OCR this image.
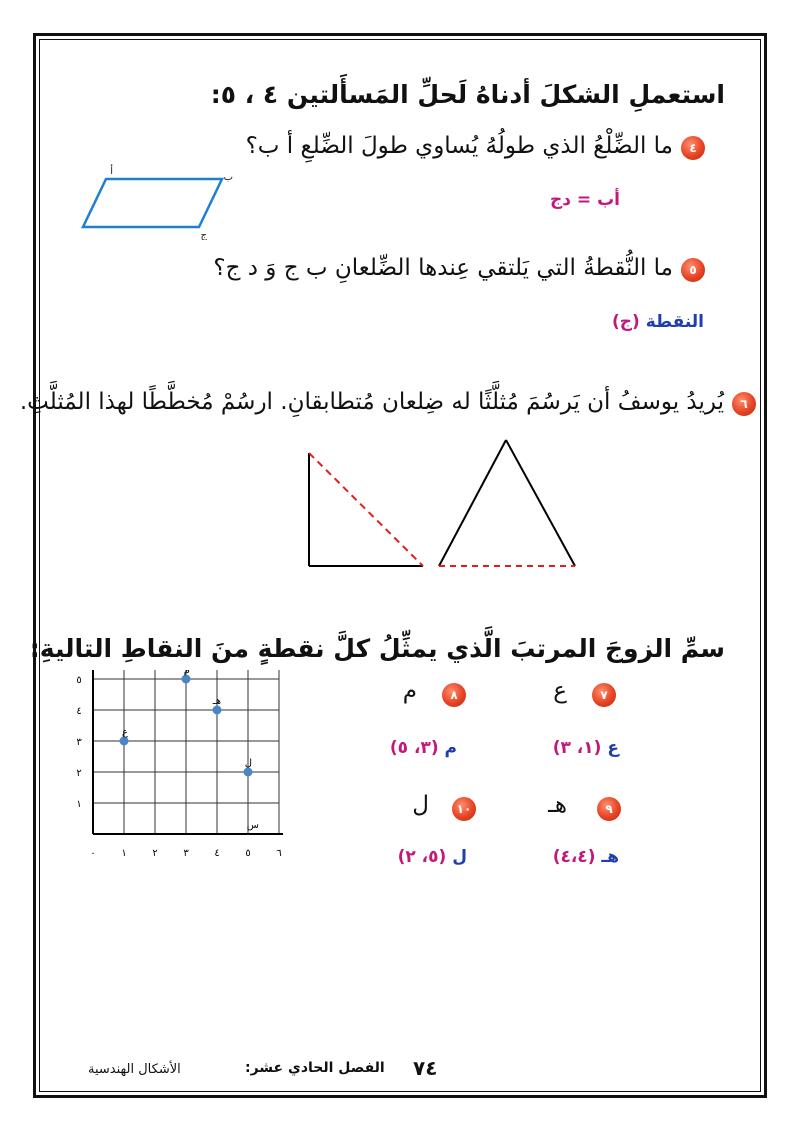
استعملِ الشكلَ أدناهُ لَحلِّ المَسأَلتين ٤ ، ٥:
٤
ما الضِّلْعُ الذي طولُهُ يُساوي طولَ الضِّلعِ أ ب؟
أب = دج
أ
ب
ج
٥
ما النُّقطةُ التي يَلتقي عِندها الضِّلعانِ ب ج وَ د ج؟
النقطة (ج)
٦
يُريدُ يوسفُ أن يَرسُمَ مُثلَّثًا له ضِلعان مُتطابقانِ. ارسُمْ مُخطَّطًا لهذا المُثلَّثِ.
سمِّ الزوجَ المرتبَ الَّذي يمثِّلُ كلَّ نقطةٍ منَ النقاطِ التاليةِ:
٧
ع
٨
م
ع (١، ٣)
م (٣، ٥)
٩
هـ
١٠
ل
هـ (٤،٤)
ل (٥، ٢)
س
٠	١	٢	٣	٤	٥	٦
١
٢
٣
٤
٥
ع
م
هـ
ل
٧٤
الفصل الحادي عشر:
الأشكال الهندسية
